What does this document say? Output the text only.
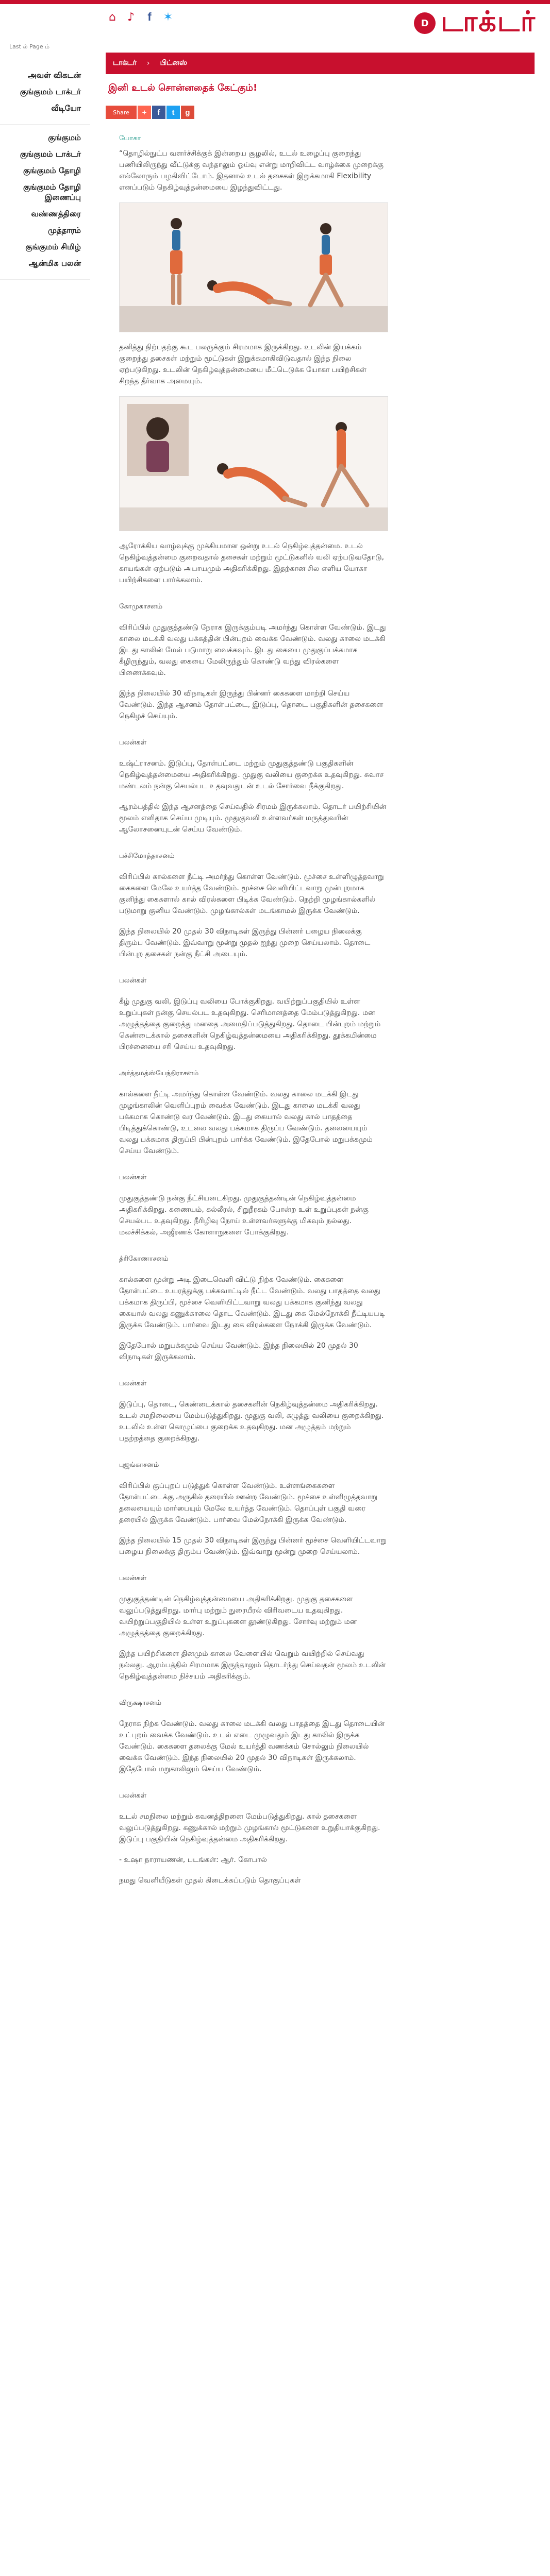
⌂ ♪	f	✶	D டாக்டர்
Last ல் Page ம்
அவள் விகடன்
குங்குமம் டாக்டர்
வீடியோ
குங்குமம்
குங்குமம் டாக்டர்
குங்குமம் தோழி
குங்குமம் தோழி இணைப்பு
வண்ணத்திரை
முத்தாரம்
குங்குமம் சிமிழ்
ஆன்மிக பலன்
டாக்டர் › பிட்னஸ்
இனி உடல் சொன்னதைக் கேட்கும்!
Share	+	f	t	g
யோகா

“தொழில்நுட்ப வளர்ச்சிக்குக் இன்றைய சூழலில், உடல் உழைப்பு குறைந்து பணியிலிருந்து வீட்டுக்கு வந்தாலும் ஓய்வு என்று மாறிவிட்ட வாழ்க்கை முறைக்கு எல்லோரும் பழகிவிட்டோம். இதனால் உடல் தசைகள் இறுக்கமாகி Flexibility எனப்படும் நெகிழ்வுத்தன்மையை இழந்துவிட்டது.

தனித்து நிற்பதற்கு கூட பலருக்கும் சிரமமாக இருக்கிறது. உடலின் இயக்கம் குறைந்து தசைகள் மற்றும் மூட்டுகள் இறுக்கமாகிவிடுவதால் இந்த நிலை ஏற்படுகிறது. உடலின் நெகிழ்வுத்தன்மையை மீட்டெடுக்க யோகா பயிற்சிகள் சிறந்த தீர்வாக அமையும்.

ஆரோக்கிய வாழ்வுக்கு முக்கியமான ஒன்று உடல் நெகிழ்வுத்தன்மை. உடல் நெகிழ்வுத்தன்மை குறைவதால் தசைகள் மற்றும் மூட்டுகளில் வலி ஏற்படுவதோடு, காயங்கள் ஏற்படும் அபாயமும் அதிகரிக்கிறது. இதற்கான சில எளிய யோகா பயிற்சிகளை பார்க்கலாம்.

கோமுகாசனம்

விரிப்பில் முதுகுத்தண்டு நேராக இருக்கும்படி அமர்ந்து கொள்ள வேண்டும். இடது காலை மடக்கி வலது பக்கத்தின் பின்புறம் வைக்க வேண்டும். வலது காலை மடக்கி இடது காலின் மேல் படுமாறு வைக்கவும். இடது கையை முதுகுப்பக்கமாக கீழிருந்தும், வலது கையை மேலிருந்தும் கொண்டு வந்து விரல்களை பிணைக்கவும்.

இந்த நிலையில் 30 விநாடிகள் இருந்து பின்னர் கைகளை மாற்றி செய்ய வேண்டும். இந்த ஆசனம் தோள்பட்டை, இடுப்பு, தொடை பகுதிகளின் தசைகளை நெகிழச் செய்யும்.

பலன்கள்

உஷ்ட்ராசனம். இடுப்பு, தோள்பட்டை மற்றும் முதுகுத்தண்டு பகுதிகளின் நெகிழ்வுத்தன்மையை அதிகரிக்கிறது. முதுகு வலியை குறைக்க உதவுகிறது. சுவாச மண்டலம் நன்கு செயல்பட உதவுவதுடன் உடல் சோர்வை நீக்குகிறது.

ஆரம்பத்தில் இந்த ஆசனத்தை செய்வதில் சிரமம் இருக்கலாம். தொடர் பயிற்சியின் மூலம் எளிதாக செய்ய முடியும். முதுகுவலி உள்ளவர்கள் மருத்துவரின் ஆலோசனையுடன் செய்ய வேண்டும்.

பச்சிமோத்தாசனம்

விரிப்பில் கால்களை நீட்டி அமர்ந்து கொள்ள வேண்டும். மூச்சை உள்ளிழுத்தவாறு கைகளை மேலே உயர்த்த வேண்டும். மூச்சை வெளியிட்டவாறு முன்புறமாக குனிந்து கைகளால் கால் விரல்களை பிடிக்க வேண்டும். நெற்றி முழங்கால்களில் படுமாறு குனிய வேண்டும். முழங்கால்கள் மடங்காமல் இருக்க வேண்டும்.

இந்த நிலையில் 20 முதல் 30 விநாடிகள் இருந்து பின்னர் பழைய நிலைக்கு திரும்ப வேண்டும். இவ்வாறு மூன்று முதல் ஐந்து முறை செய்யலாம். தொடை பின்புற தசைகள் நன்கு நீட்சி அடையும்.

பலன்கள்

கீழ் முதுகு வலி, இடுப்பு வலியை போக்குகிறது. வயிற்றுப்பகுதியில் உள்ள உறுப்புகள் நன்கு செயல்பட உதவுகிறது. செரிமானத்தை மேம்படுத்துகிறது. மன அழுத்தத்தை குறைத்து மனதை அமைதிப்படுத்துகிறது. தொடை பின்புறம் மற்றும் கெண்டைக்கால் தசைகளின் நெகிழ்வுத்தன்மையை அதிகரிக்கிறது. தூக்கமின்மை பிரச்னையை சரி செய்ய உதவுகிறது.

அர்த்தமத்ஸ்யேந்திராசனம்

கால்களை நீட்டி அமர்ந்து கொள்ள வேண்டும். வலது காலை மடக்கி இடது முழங்காலின் வெளிப்புறம் வைக்க வேண்டும். இடது காலை மடக்கி வலது பக்கமாக கொண்டு வர வேண்டும். இடது கையால் வலது கால் பாதத்தை பிடித்துக்கொண்டு, உடலை வலது பக்கமாக திருப்ப வேண்டும். தலையையும் வலது பக்கமாக திருப்பி பின்புறம் பார்க்க வேண்டும். இதேபோல் மறுபக்கமும் செய்ய வேண்டும்.

பலன்கள்

முதுகுத்தண்டு நன்கு நீட்சியடைகிறது. முதுகுத்தண்டின் நெகிழ்வுத்தன்மை அதிகரிக்கிறது. கணையம், கல்லீரல், சிறுநீரகம் போன்ற உள் உறுப்புகள் நன்கு செயல்பட உதவுகிறது. நீரிழிவு நோய் உள்ளவர்களுக்கு மிகவும் நல்லது. மலச்சிக்கல், அஜீரணக் கோளாறுகளை போக்குகிறது.

த்ரிகோணாசனம்

கால்களை மூன்று அடி இடைவெளி விட்டு நிற்க வேண்டும். கைகளை தோள்பட்டை உயரத்துக்கு பக்கவாட்டில் நீட்ட வேண்டும். வலது பாதத்தை வலது பக்கமாக திருப்பி, மூச்சை வெளியிட்டவாறு வலது பக்கமாக குனிந்து வலது கையால் வலது கணுக்காலை தொட வேண்டும். இடது கை மேல்நோக்கி நீட்டியபடி இருக்க வேண்டும். பார்வை இடது கை விரல்களை நோக்கி இருக்க வேண்டும்.

இதேபோல் மறுபக்கமும் செய்ய வேண்டும். இந்த நிலையில் 20 முதல் 30 விநாடிகள் இருக்கலாம்.

பலன்கள்

இடுப்பு, தொடை, கெண்டைக்கால் தசைகளின் நெகிழ்வுத்தன்மை அதிகரிக்கிறது. உடல் சமநிலையை மேம்படுத்துகிறது. முதுகு வலி, கழுத்து வலியை குறைக்கிறது. உடலில் உள்ள கொழுப்பை குறைக்க உதவுகிறது. மன அழுத்தம் மற்றும் பதற்றத்தை குறைக்கிறது.

புஜங்காசனம்

விரிப்பில் குப்புறப் படுத்துக் கொள்ள வேண்டும். உள்ளங்கைகளை தோள்பட்டைக்கு அருகில் தரையில் ஊன்ற வேண்டும். மூச்சை உள்ளிழுத்தவாறு தலையையும் மார்பையும் மேலே உயர்த்த வேண்டும். தொப்புள் பகுதி வரை தரையில் இருக்க வேண்டும். பார்வை மேல்நோக்கி இருக்க வேண்டும்.

இந்த நிலையில் 15 முதல் 30 விநாடிகள் இருந்து பின்னர் மூச்சை வெளியிட்டவாறு பழைய நிலைக்கு திரும்ப வேண்டும். இவ்வாறு மூன்று முறை செய்யலாம்.

பலன்கள்

முதுகுத்தண்டின் நெகிழ்வுத்தன்மையை அதிகரிக்கிறது. முதுகு தசைகளை வலுப்படுத்துகிறது. மார்பு மற்றும் நுரையீரல் விரிவடைய உதவுகிறது. வயிற்றுப்பகுதியில் உள்ள உறுப்புகளை தூண்டுகிறது. சோர்வு மற்றும் மன அழுத்தத்தை குறைக்கிறது.

இந்த பயிற்சிகளை தினமும் காலை வேளையில் வெறும் வயிற்றில் செய்வது நல்லது. ஆரம்பத்தில் சிரமமாக இருந்தாலும் தொடர்ந்து செய்வதன் மூலம் உடலின் நெகிழ்வுத்தன்மை நிச்சயம் அதிகரிக்கும்.

விருக்ஷாசனம்

நேராக நிற்க வேண்டும். வலது காலை மடக்கி வலது பாதத்தை இடது தொடையின் உட்புறம் வைக்க வேண்டும். உடல் எடை முழுவதும் இடது காலில் இருக்க வேண்டும். கைகளை தலைக்கு மேல் உயர்த்தி வணக்கம் சொல்லும் நிலையில் வைக்க வேண்டும். இந்த நிலையில் 20 முதல் 30 விநாடிகள் இருக்கலாம். இதேபோல் மறுகாலிலும் செய்ய வேண்டும்.

பலன்கள்

உடல் சமநிலை மற்றும் கவனத்திறனை மேம்படுத்துகிறது. கால் தசைகளை வலுப்படுத்துகிறது. கணுக்கால் மற்றும் முழங்கால் மூட்டுகளை உறுதியாக்குகிறது. இடுப்பு பகுதியின் நெகிழ்வுத்தன்மை அதிகரிக்கிறது.

- உஷா நாராயணன், படங்கள்: ஆர். கோபால்

நமது வெளியீடுகள் முதல் கிடைக்கப்படும் தொகுப்புகள்
